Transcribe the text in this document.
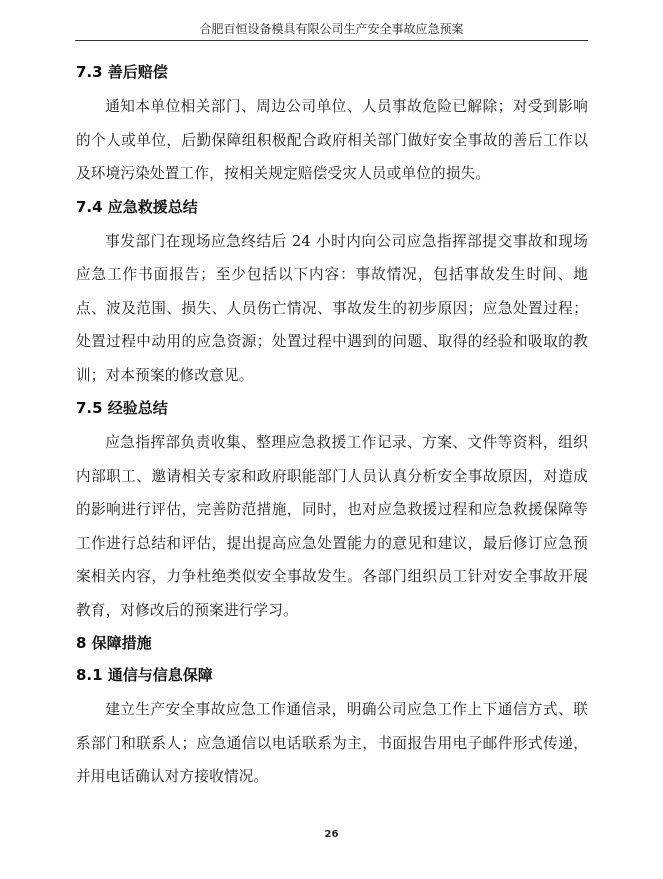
合肥百恒设备模具有限公司生产安全事故应急预案
7.3 善后赔偿

通知本单位相关部门、周边公司单位、人员事故危险已解除；对受到影响的个人或单位，后勤保障组积极配合政府相关部门做好安全事故的善后工作以及环境污染处置工作，按相关规定赔偿受灾人员或单位的损失。

7.4 应急救援总结

事发部门在现场应急终结后 24 小时内向公司应急指挥部提交事故和现场应急工作书面报告；至少包括以下内容：事故情况，包括事故发生时间、地点、波及范围、损失、人员伤亡情况、事故发生的初步原因；应急处置过程；处置过程中动用的应急资源；处置过程中遇到的问题、取得的经验和吸取的教训；对本预案的修改意见。

7.5 经验总结

应急指挥部负责收集、整理应急救援工作记录、方案、文件等资料，组织内部职工、邀请相关专家和政府职能部门人员认真分析安全事故原因，对造成的影响进行评估，完善防范措施，同时，也对应急救援过程和应急救援保障等工作进行总结和评估，提出提高应急处置能力的意见和建议，最后修订应急预案相关内容，力争杜绝类似安全事故发生。各部门组织员工针对安全事故开展教育，对修改后的预案进行学习。

8 保障措施
8.1 通信与信息保障

建立生产安全事故应急工作通信录，明确公司应急工作上下通信方式、联系部门和联系人；应急通信以电话联系为主，书面报告用电子邮件形式传递，并用电话确认对方接收情况。

26
